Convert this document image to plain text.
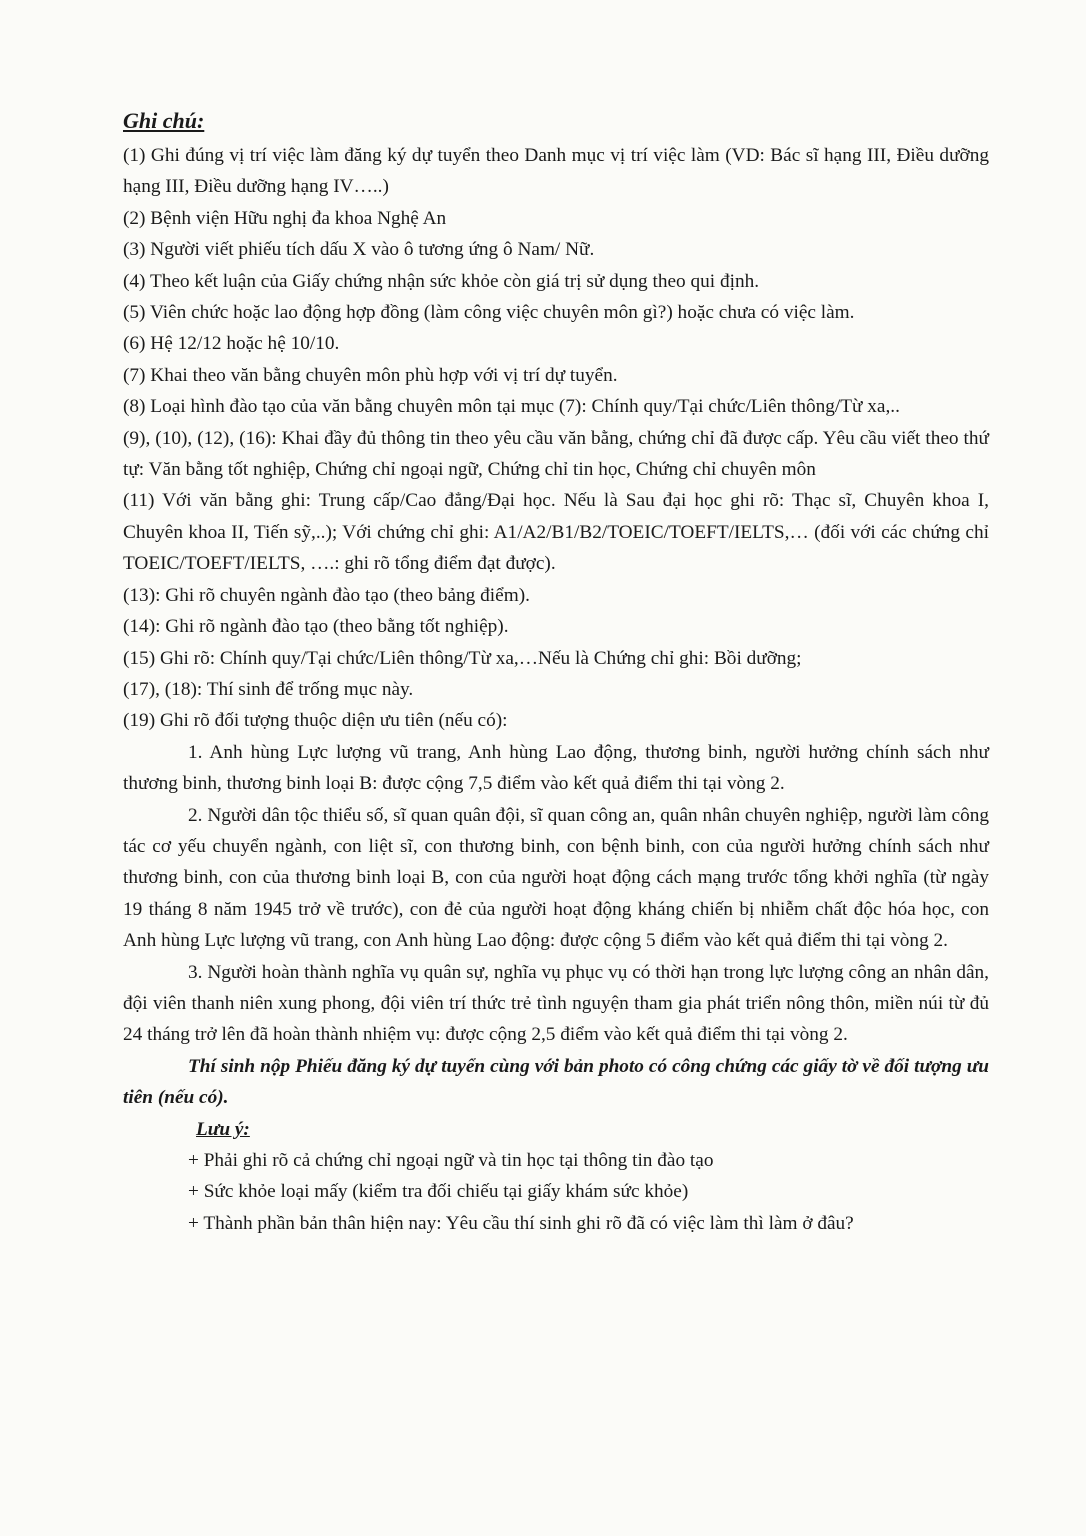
Ghi chú:

(1) Ghi đúng vị trí việc làm đăng ký dự tuyển theo Danh mục vị trí việc làm (VD: Bác sĩ hạng III, Điều dưỡng hạng III, Điều dưỡng hạng IV…..)

(2) Bệnh viện Hữu nghị đa khoa Nghệ An

(3) Người viết phiếu tích dấu X vào ô tương ứng ô Nam/ Nữ.

(4) Theo kết luận của Giấy chứng nhận sức khỏe còn giá trị sử dụng theo qui định.

(5) Viên chức hoặc lao động hợp đồng (làm công việc chuyên môn gì?) hoặc chưa có việc làm.

(6) Hệ 12/12 hoặc hệ 10/10.

(7) Khai theo văn bằng chuyên môn phù hợp với vị trí dự tuyển.

(8) Loại hình đào tạo của văn bằng chuyên môn tại mục (7): Chính quy/Tại chức/Liên thông/Từ xa,..

(9), (10), (12), (16): Khai đầy đủ thông tin theo yêu cầu văn bằng, chứng chỉ đã được cấp. Yêu cầu viết theo thứ tự: Văn bằng tốt nghiệp, Chứng chỉ ngoại ngữ, Chứng chỉ tin học, Chứng chỉ chuyên môn

(11) Với văn bằng ghi: Trung cấp/Cao đẳng/Đại học. Nếu là Sau đại học ghi rõ: Thạc sĩ, Chuyên khoa I, Chuyên khoa II, Tiến sỹ,..); Với chứng chỉ ghi: A1/A2/B1/B2/TOEIC/TOEFT/IELTS,… (đối với các chứng chỉ TOEIC/TOEFT/IELTS, ….: ghi rõ tổng điểm đạt được).

(13): Ghi rõ chuyên ngành đào tạo (theo bảng điểm).

(14): Ghi rõ ngành đào tạo (theo bằng tốt nghiệp).

(15) Ghi rõ: Chính quy/Tại chức/Liên thông/Từ xa,…Nếu là Chứng chỉ ghi: Bồi dưỡng;

(17), (18): Thí sinh để trống mục này.

(19) Ghi rõ đối tượng thuộc diện ưu tiên (nếu có):

1. Anh hùng Lực lượng vũ trang, Anh hùng Lao động, thương binh, người hưởng chính sách như thương binh, thương binh loại B: được cộng 7,5 điểm vào kết quả điểm thi tại vòng 2.

2. Người dân tộc thiểu số, sĩ quan quân đội, sĩ quan công an, quân nhân chuyên nghiệp, người làm công tác cơ yếu chuyển ngành, con liệt sĩ, con thương binh, con bệnh binh, con của người hưởng chính sách như thương binh, con của thương binh loại B, con của người hoạt động cách mạng trước tổng khởi nghĩa (từ ngày 19 tháng 8 năm 1945 trở về trước), con đẻ của người hoạt động kháng chiến bị nhiễm chất độc hóa học, con Anh hùng Lực lượng vũ trang, con Anh hùng Lao động: được cộng 5 điểm vào kết quả điểm thi tại vòng 2.

3. Người hoàn thành nghĩa vụ quân sự, nghĩa vụ phục vụ có thời hạn trong lực lượng công an nhân dân, đội viên thanh niên xung phong, đội viên trí thức trẻ tình nguyện tham gia phát triển nông thôn, miền núi từ đủ 24 tháng trở lên đã hoàn thành nhiệm vụ: được cộng 2,5 điểm vào kết quả điểm thi tại vòng 2.

Thí sinh nộp Phiếu đăng ký dự tuyển cùng với bản photo có công chứng các giấy tờ về đối tượng ưu tiên (nếu có).

Lưu ý:

+ Phải ghi rõ cả chứng chỉ ngoại ngữ và tin học tại thông tin đào tạo

+ Sức khỏe loại mấy (kiểm tra đối chiếu tại giấy khám sức khỏe)

+ Thành phần bản thân hiện nay: Yêu cầu thí sinh ghi rõ đã có việc làm thì làm ở đâu?
